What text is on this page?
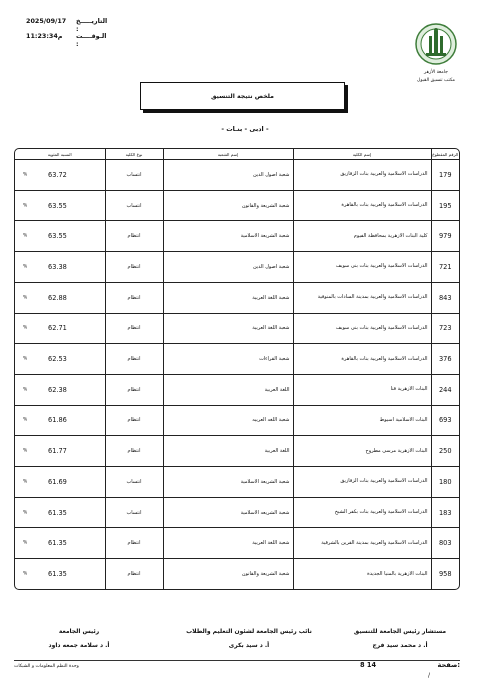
جامعة الأزهر
مكتب تنسيق القبول
2025/09/17 التاريـــــخ :
11:23:34م الـوقــــت :
ملخص نتيجة التنسيق
- ادبى - بنـات -
الرقم المقطوع	إسم الكلية	إسم الشعبة	نوع الكلية	النسبة المئوية
179	الدراسات الاسلامية والعربية بنات الزقازيق	شعبة اصول الدين	انتساب	63.72
%

195	الدراسات الاسلامية والعربية بنات بالقاهرة	شعبة الشريعة والقانون	انتساب	63.55
%

979	كلية البنات الازهرية بمحافظة الفيوم	شعبة الشريعة الاسلامية	انتظام	63.55
%

721	الدراسات الاسلامية والعربية بنات بنى سويف	شعبة اصول الدين	انتظام	63.38
%

843	الدراسات الاسلامية والعربية بمدينة السادات بالمنوفية	شعبة اللغة العربية	انتظام	62.88
%

723	الدراسات الاسلامية والعربية بنات بنى سويف	شعبة اللغة العربية	انتظام	62.71
%

376	الدراسات الاسلامية والعربية بنات بالقاهرة	شعبة القراءات	انتظام	62.53
%

244	البنات الازهرية قنا	اللغة العربية	انتظام	62.38
%

693	البنات الاسلامية اسيوط	شعبة اللغه العربيه	انتظام	61.86
%

250	البنات الازهرية مرسى مطروح	اللغة العربية	انتظام	61.77
%

180	الدراسات الاسلامية والعربية بنات الزقازيق	شعبة الشريعة الاسلامية	انتساب	61.69
%

183	الدراسات الاسلامية والعربية بنات بكفر الشيخ	شعبة الشريعه الاسلامية	انتساب	61.35
%

803	الدراسات الاسلامية والعربية بمدينة القرين بالشرقية	شعبة اللغة العربية	انتظام	61.35
%

958	البنات الازهرية بالمنيا الجديدة	شعبة الشريعة والقانون	انتظام	61.35
%
مستشار رئيس الجامعة للتنسيق
أ. د محمد سيد فرج
نائب رئيس الجامعة لشئون التعليم والطلاب
أ. د سيد بكرى
رئيس الجامعة
أ. د سلامة جمعه داود
وحدة النظم المعلومات و الشبكات	8 14	صفحة:
/
